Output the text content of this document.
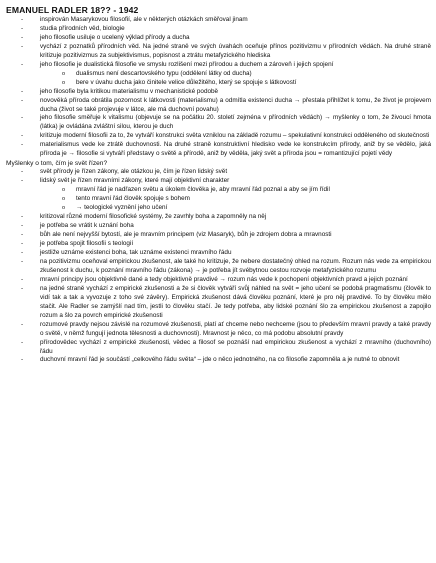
EMANUEL RADLER 18?? - 1942
-	inspirován Masarykovou filosofií, ale v některých otázkách směřoval jinam
-	studia přírodních věd, biologie
-	jeho filosofie usiluje o ucelený výklad přírody a ducha
-	vychází z poznatků přírodních věd. Na jedné straně ve svých úvahách oceňuje přínos pozitivizmu v přírodních vědách. Na druhé straně kritizuje pozitivizmus za subjektivismus, popisnost a ztrátu metafyzického hlediska
-	jeho filosofie je dualistická filosofie ve smyslu rozlišení mezi přírodou a duchem a zároveň i jejich spojení
o dualismus není descartovského typu (oddělení látky od ducha)
o bere v úvahu ducha jako činitele velice důležitého, který se spojuje s látkovostí
-	jeho filosofie byla kritikou materialismu v mechanistické podobě
-	novověká příroda obrátila pozornost k látkovosti (materialismu) a odmítla existenci ducha → přestala přihlížet k tomu, že život je projevem ducha (život se také projevuje v látce, ale má duchovní povahu)
-	jeho filosofie směřuje k vitalismu (objevuje se na počátku 20. století zejména v přírodních vědách) → myšlenky o tom, že živoucí hmota (látka) je ovládána zvláštní silou, kterou je duch
-	kritizuje moderní filosofii za to, že vytváří konstrukci světa vzniklou na základě rozumu – spekulativní konstrukci odděleného od skutečnosti
-	materialismus vede ke ztrátě duchovnosti. Na druhé straně konstruktivní hledisko vede ke konstrukcím přírody, aniž by se vědělo, jaká příroda je → filosofie si vytváří představy o světě a přírodě, aniž by věděla, jaký svět a příroda jsou = romantizující pojetí vědy
Myšlenky o tom, čím je svět řízen?
-	svět přírody je řízen zákony, ale otázkou je, čím je řízen lidský svět
-	lidský svět je řízen mravními zákony, které mají objektivní charakter
o mravní řád je nadřazen světu a úkolem člověka je, aby mravní řád poznal a aby se jím řídil
o tento mravní řád člověk spojuje s bohem
o → teologické vyznění jeho učení
-	kritizoval různé moderní filosofické systémy, že zavrhly boha a zapomněly na něj
-	je potřeba se vrátit k uznání boha
-	bůh ale není nejvyšší bytostí, ale je mravním principem (viz Masaryk), bůh je zdrojem dobra a mravnosti
-	je potřeba spojit filosofii s teologií
-	jestliže uznáme existenci boha, tak uznáme existenci mravního řádu
-	na pozitivizmu oceňoval empirickou zkušenost, ale také ho kritizuje, že nebere dostatečný ohled na rozum. Rozum nás vede za empirickou zkušenost k duchu, k poznání mravního řádu (zákona) → je potřeba jít svébytnou cestou rozvoje metafyzického rozumu
-	mravní principy jsou objektivně dané a tedy objektivně pravdivé → rozum nás vede k pochopení objektivních pravd a jejich poznání
-	na jedné straně vychází z empirické zkušenosti a že si člověk vytváří svůj náhled na svět = jeho učení se podobá pragmatismu (člověk to vidí tak a tak a vyvozuje z toho své závěry). Empirická zkušenost dává člověku poznání, které je pro něj pravdivé. To by člověku mělo stačit. Ale Radler se zamýšlí nad tím, jestli to člověku stačí. Je tedy potřeba, aby lidské poznání šlo za empirickou zkušenost a zapojilo rozum a šlo za povrch empirické zkušenosti
-	rozumové pravdy nejsou závislé na rozumové zkušenosti, platí ať chceme nebo nechceme (jsou to především mravní pravdy a také pravdy o světě, v němž fungují jednota tělesnosti a duchovnosti). Mravnost je něco, co má podobu absolutní pravdy
-	přírodovědec vychází z empirické zkušenosti, vědec a filosof se poznáší nad empirickou zkušenost a vychází z mravního (duchovního) řádu
-	duchovní mravní řád je součástí „celkového řádu světa“ – jde o něco jednotného, na co filosofie zapomněla a je nutné to obnovit
